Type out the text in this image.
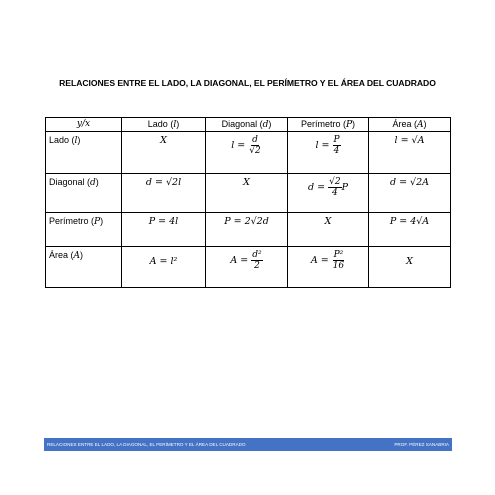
RELACIONES ENTRE EL LADO, LA DIAGONAL, EL PERÍMETRO Y EL ÁREA DEL CUADRADO
y/x	Lado (l)	Diagonal (d)	Perímetro (P)	Área (A)
Lado (l)	X	$l = \frac{d}{√2}$	$l = \frac{P}{4}$	l = √A
Diagonal (d)	d = √2l	X	$d = \frac{√2}{4}$ P	d = √2A
Perímetro (P)	P = 4l	P = 2√2d	X	P = 4√A
Área (A)	A = l²	$A = \frac{\text{d²}}{2}$	$A = \frac{\text{P²}}{16}$	X
RELACIONES ENTRE EL LADO, LA DIAGONAL, EL PERÍMETRO Y EL ÁREA DEL CUADRADO	PROF. PÉREZ SANABRIA
